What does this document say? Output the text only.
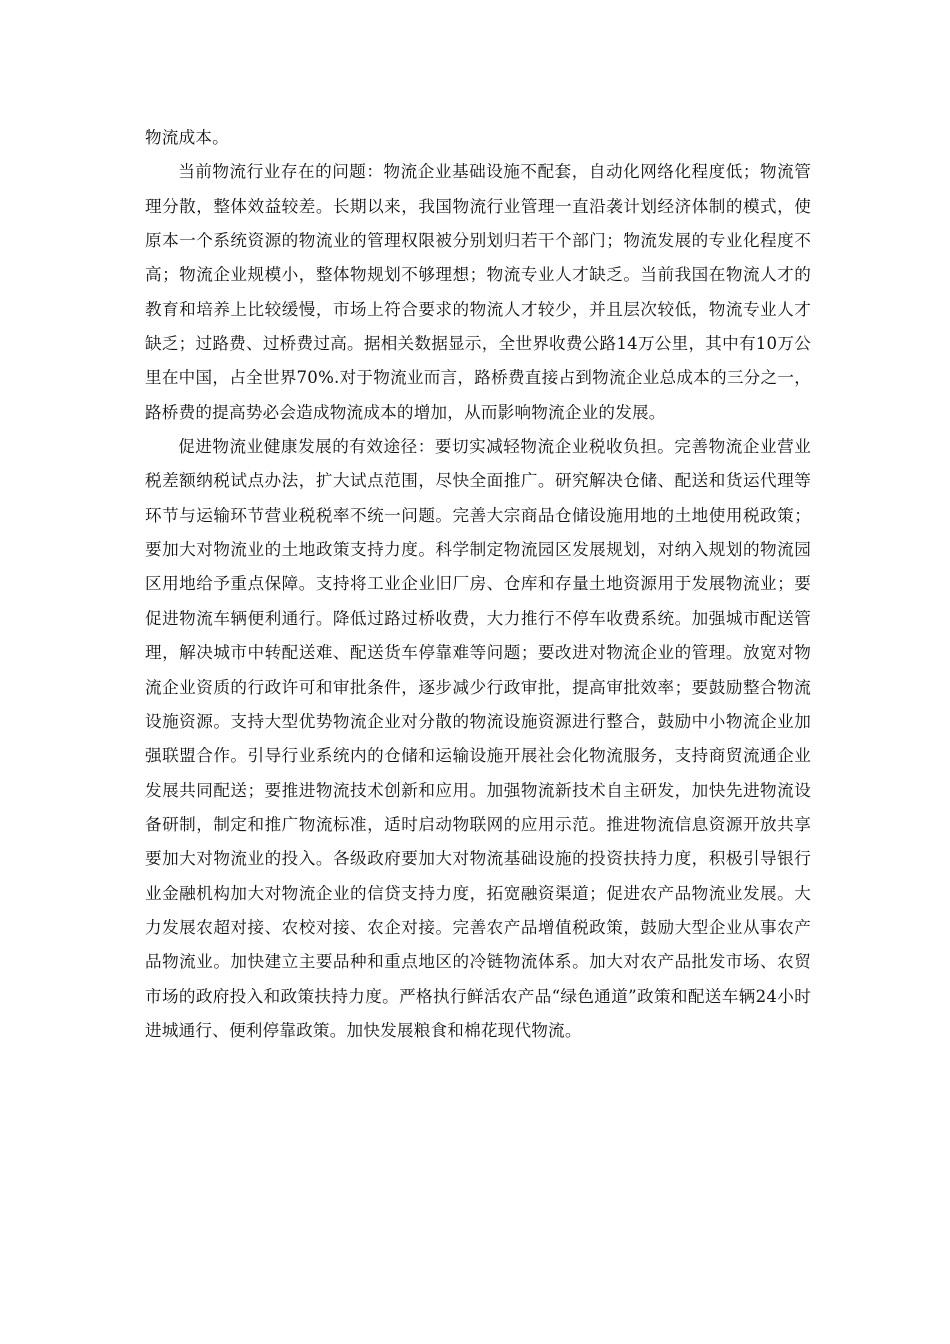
物流成本。

当前物流行业存在的问题：物流企业基础设施不配套，自动化网络化程度低；物流管理分散，整体效益较差。长期以来，我国物流行业管理一直沿袭计划经济体制的模式，使原本一个系统资源的物流业的管理权限被分别划归若干个部门；物流发展的专业化程度不高；物流企业规模小，整体物规划不够理想；物流专业人才缺乏。当前我国在物流人才的教育和培养上比较缓慢，市场上符合要求的物流人才较少，并且层次较低，物流专业人才缺乏；过路费、过桥费过高。据相关数据显示，全世界收费公路14万公里，其中有10万公里在中国，占全世界70%.对于物流业而言，路桥费直接占到物流企业总成本的三分之一，路桥费的提高势必会造成物流成本的增加，从而影响物流企业的发展。

促进物流业健康发展的有效途径：要切实减轻物流企业税收负担。完善物流企业营业税差额纳税试点办法，扩大试点范围，尽快全面推广。研究解决仓储、配送和货运代理等环节与运输环节营业税税率不统一问题。完善大宗商品仓储设施用地的土地使用税政策；要加大对物流业的土地政策支持力度。科学制定物流园区发展规划，对纳入规划的物流园区用地给予重点保障。支持将工业企业旧厂房、仓库和存量土地资源用于发展物流业；要促进物流车辆便利通行。降低过路过桥收费，大力推行不停车收费系统。加强城市配送管理，解决城市中转配送难、配送货车停靠难等问题；要改进对物流企业的管理。放宽对物流企业资质的行政许可和审批条件，逐步减少行政审批，提高审批效率；要鼓励整合物流设施资源。支持大型优势物流企业对分散的物流设施资源进行整合，鼓励中小物流企业加强联盟合作。引导行业系统内的仓储和运输设施开展社会化物流服务，支持商贸流通企业发展共同配送；要推进物流技术创新和应用。加强物流新技术自主研发，加快先进物流设备研制，制定和推广物流标准，适时启动物联网的应用示范。推进物流信息资源开放共享要加大对物流业的投入。各级政府要加大对物流基础设施的投资扶持力度，积极引导银行业金融机构加大对物流企业的信贷支持力度，拓宽融资渠道；促进农产品物流业发展。大力发展农超对接、农校对接、农企对接。完善农产品增值税政策，鼓励大型企业从事农产品物流业。加快建立主要品种和重点地区的冷链物流体系。加大对农产品批发市场、农贸市场的政府投入和政策扶持力度。严格执行鲜活农产品“绿色通道”政策和配送车辆24小时进城通行、便利停靠政策。加快发展粮食和棉花现代物流。
